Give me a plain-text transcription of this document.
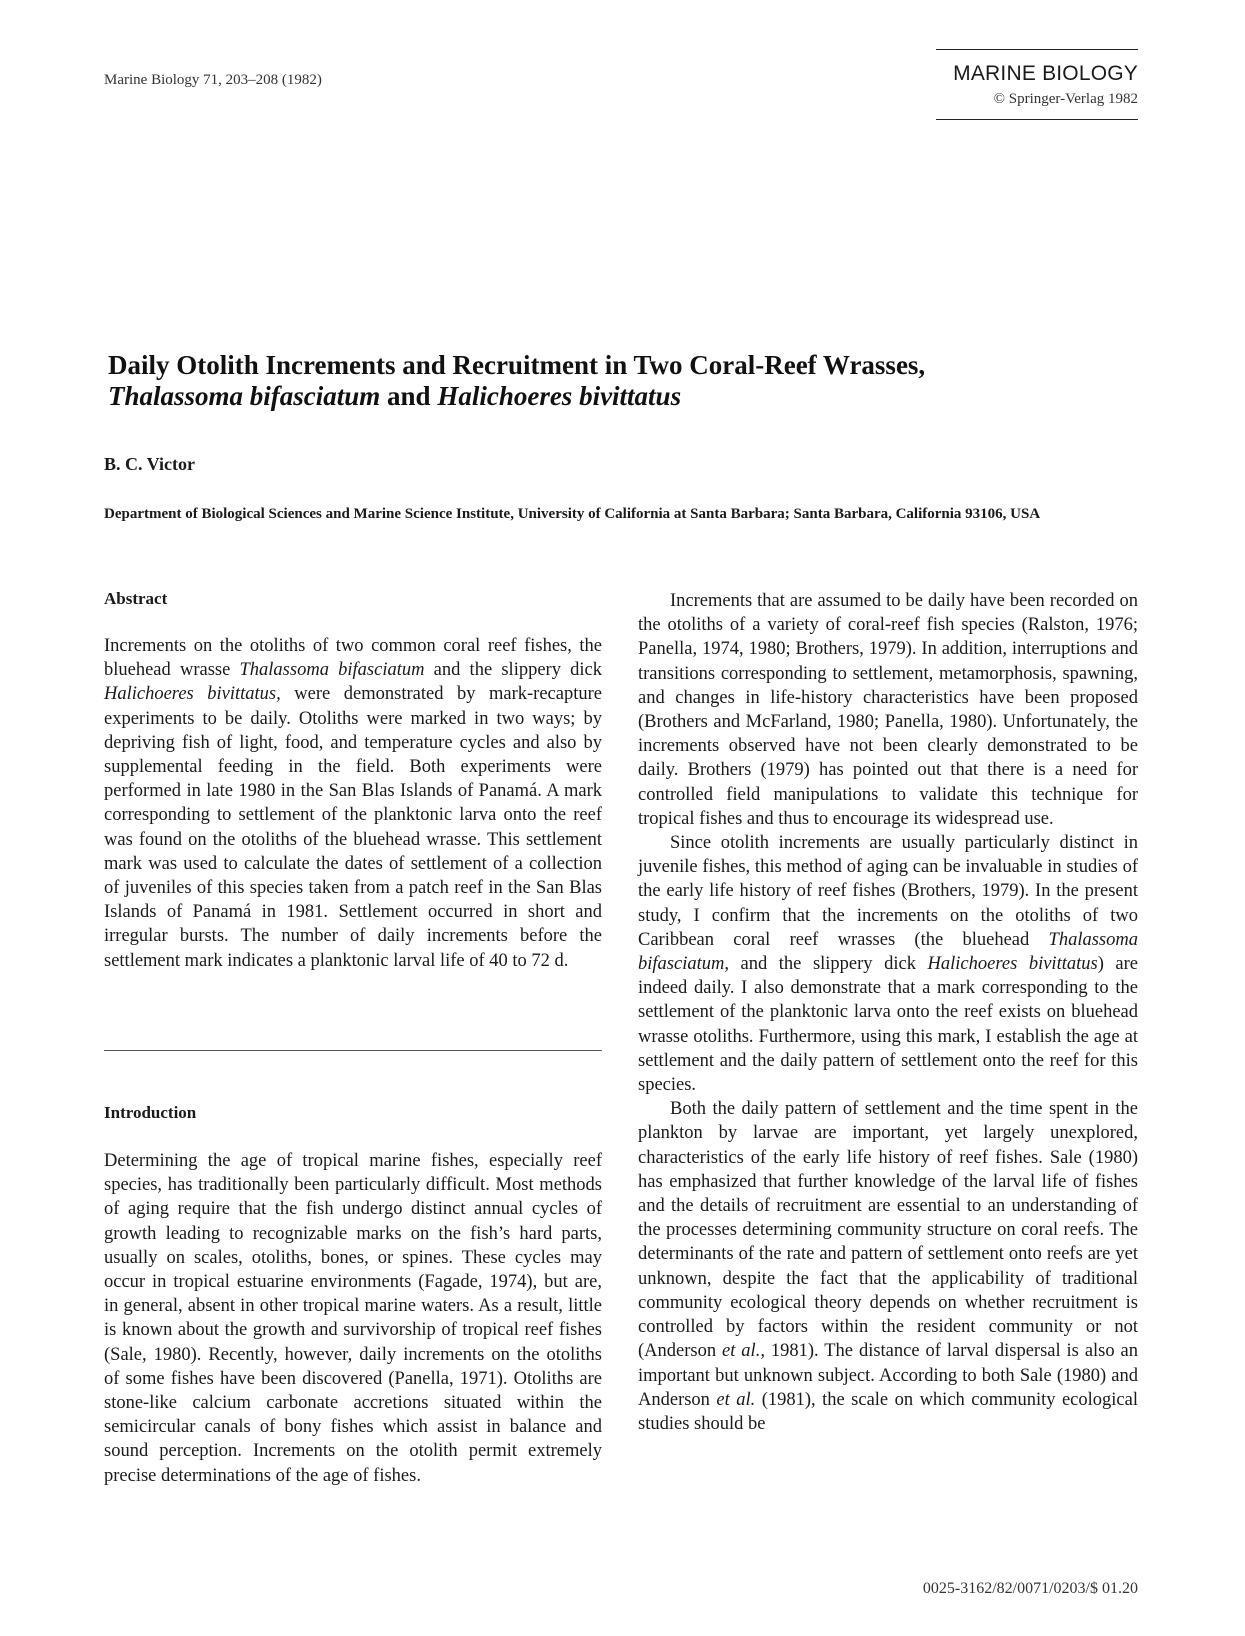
Marine Biology 71, 203–208 (1982)	MARINE BIOLOGY
© Springer-Verlag 1982
Daily Otolith Increments and Recruitment in Two Coral-Reef Wrasses,
Thalassoma bifasciatum and Halichoeres bivittatus
B. C. Victor
Department of Biological Sciences and Marine Science Institute, University of California at Santa Barbara; Santa Barbara, California 93106, USA
Abstract

Increments on the otoliths of two common coral reef fishes, the bluehead wrasse Thalassoma bifasciatum and the slippery dick Halichoeres bivittatus, were demonstrated by mark-recapture experiments to be daily. Otoliths were marked in two ways; by depriving fish of light, food, and temperature cycles and also by supplemental feeding in the field. Both experiments were performed in late 1980 in the San Blas Islands of Panamá. A mark corresponding to settlement of the planktonic larva onto the reef was found on the otoliths of the bluehead wrasse. This settlement mark was used to calculate the dates of settlement of a collection of juveniles of this species taken from a patch reef in the San Blas Islands of Panamá in 1981. Settlement occurred in short and irregular bursts. The number of daily increments before the settlement mark indicates a planktonic larval life of 40 to 72 d.

Introduction

Determining the age of tropical marine fishes, especially reef species, has traditionally been particularly difficult. Most methods of aging require that the fish undergo distinct annual cycles of growth leading to recognizable marks on the fish’s hard parts, usually on scales, otoliths, bones, or spines. These cycles may occur in tropical estuarine environments (Fagade, 1974), but are, in general, absent in other tropical marine waters. As a result, little is known about the growth and survivorship of tropical reef fishes (Sale, 1980). Recently, however, daily increments on the otoliths of some fishes have been discovered (Panella, 1971). Otoliths are stone-like calcium carbonate accretions situated within the semicircular canals of bony fishes which assist in balance and sound perception. Increments on the otolith permit extremely precise determinations of the age of fishes.

Increments that are assumed to be daily have been recorded on the otoliths of a variety of coral-reef fish species (Ralston, 1976; Panella, 1974, 1980; Brothers, 1979). In addition, interruptions and transitions corresponding to settlement, metamorphosis, spawning, and changes in life-history characteristics have been proposed (Brothers and McFarland, 1980; Panella, 1980). Unfortunately, the increments observed have not been clearly demonstrated to be daily. Brothers (1979) has pointed out that there is a need for controlled field manipulations to validate this technique for tropical fishes and thus to encourage its widespread use.

Since otolith increments are usually particularly distinct in juvenile fishes, this method of aging can be invaluable in studies of the early life history of reef fishes (Brothers, 1979). In the present study, I confirm that the increments on the otoliths of two Caribbean coral reef wrasses (the bluehead Thalassoma bifasciatum, and the slippery dick Halichoeres bivittatus) are indeed daily. I also demonstrate that a mark corresponding to the settlement of the planktonic larva onto the reef exists on bluehead wrasse otoliths. Furthermore, using this mark, I establish the age at settlement and the daily pattern of settlement onto the reef for this species.

Both the daily pattern of settlement and the time spent in the plankton by larvae are important, yet largely unexplored, characteristics of the early life history of reef fishes. Sale (1980) has emphasized that further knowledge of the larval life of fishes and the details of recruitment are essential to an understanding of the processes determining community structure on coral reefs. The determinants of the rate and pattern of settlement onto reefs are yet unknown, despite the fact that the applicability of traditional community ecological theory depends on whether recruitment is controlled by factors within the resident community or not (Anderson et al., 1981). The distance of larval dispersal is also an important but unknown subject. According to both Sale (1980) and Anderson et al. (1981), the scale on which community ecological studies should be

0025-3162/82/0071/0203/$ 01.20
